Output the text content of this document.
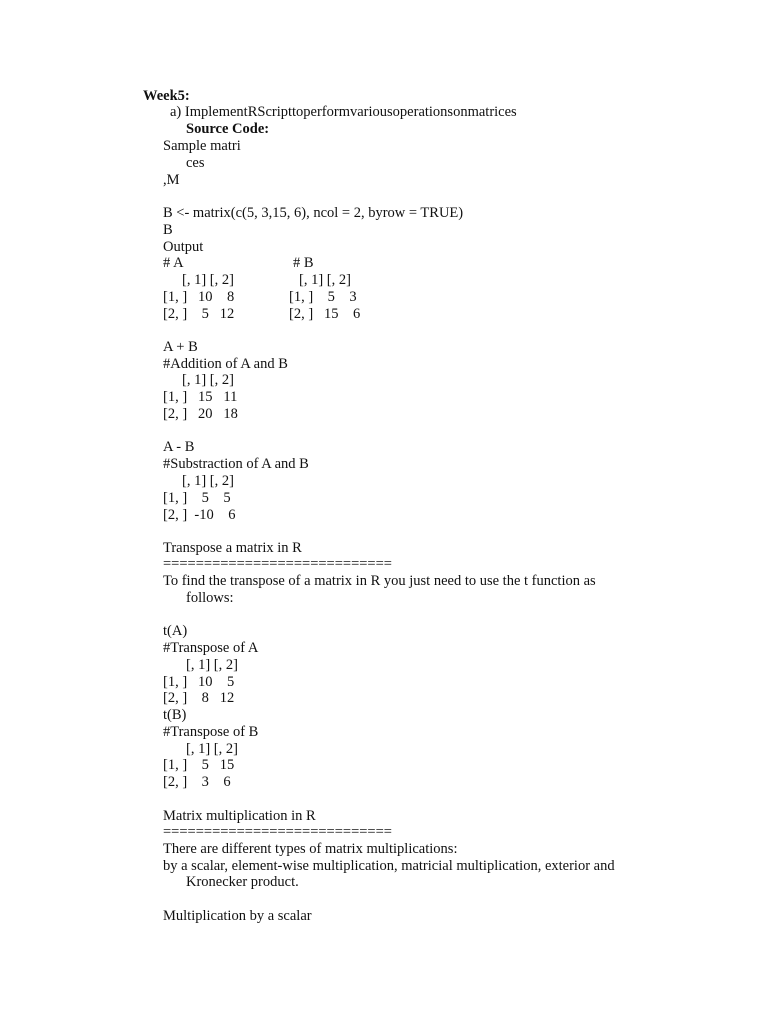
Week5:
a) ImplementRScripttoperformvariousoperationsonmatrices
Source Code:
Sample matri
ces
,M
B <- matrix(c(5, 3,15, 6), ncol = 2, byrow = TRUE)
B
Output
# A
[, 1] [, 2]
[1, ]   10    8
[2, ]    5   12
# B
[, 1] [, 2]
[1, ]    5    3
[2, ]   15    6
A + B
#Addition of A and B
[, 1] [, 2]
[1, ]   15   11
[2, ]   20   18
A - B
#Substraction of A and B
[, 1] [, 2]
[1, ]    5    5
[2, ]  -10    6
Transpose a matrix in R
============================
To find the transpose of a matrix in R you just need to use the t function as
follows:
t(A)
#Transpose of A
[, 1] [, 2]
[1, ]   10    5
[2, ]    8   12
t(B)
#Transpose of B
[, 1] [, 2]
[1, ]    5   15
[2, ]    3    6
Matrix multiplication in R
============================
There are different types of matrix multiplications:
by a scalar, element-wise multiplication, matricial multiplication, exterior and
Kronecker product.
Multiplication by a scalar
